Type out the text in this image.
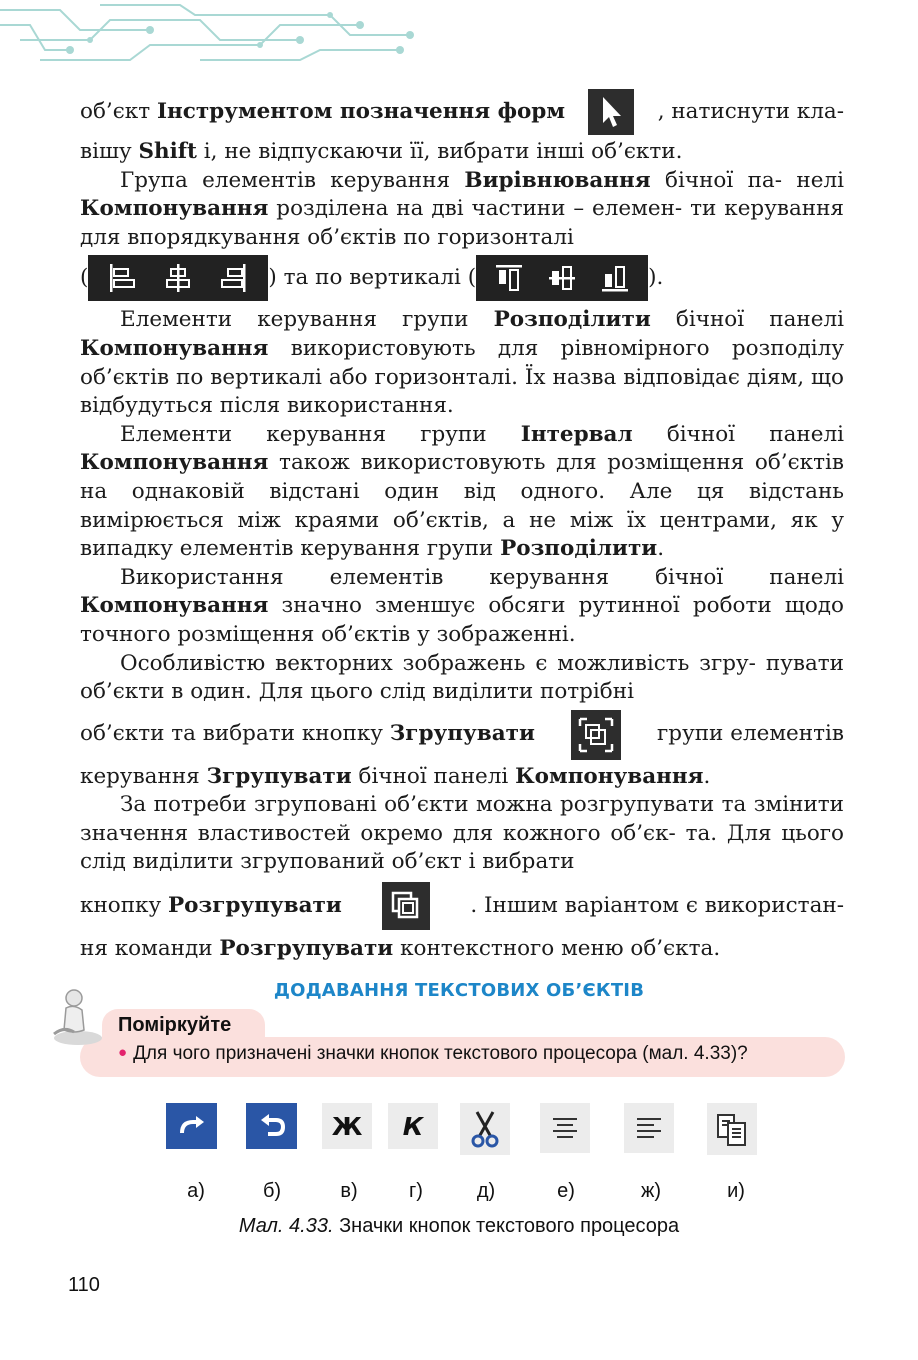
об’єкт Інструментом позначення форм	, натиснути кла-

вішу Shift і, не відпускаючи її, вибрати інші об’єкти.

Група елементів керування Вирівнювання бічної па- нелі Компонування розділена на дві частини – елемен- ти керування для впорядкування об’єктів по горизонталі

(	) та по вертикалі (	).

Елементи керування групи Розподілити бічної панелі Компонування використовують для рівномірного розподілу об’єктів по вертикалі або горизонталі. Їх назва відповідає діям, що відбудуться після використання.

Елементи керування групи Інтервал бічної панелі Компонування також використовують для розміщення об’єктів на однаковій відстані один від одного. Але ця відстань вимірюється між краями об’єктів, а не між їх центрами, як у випадку елементів керування групи Розподілити.

Використання елементів керування бічної панелі Компонування значно зменшує обсяги рутинної роботи щодо точного розміщення об’єктів у зображенні.

Особливістю векторних зображень є можливість згру- пувати об’єкти в один. Для цього слід виділити потрібні

об’єкти та вибрати кнопку Згрупувати	групи елементів

керування Згрупувати бічної панелі Компонування.

За потреби згруповані об’єкти можна розгрупувати та змінити значення властивостей окремо для кожного об’єк- та. Для цього слід виділити згрупований об’єкт і вибрати

кнопку Розгрупувати	. Іншим варіантом є використан-

ня команди Розгрупувати контекстного меню об’єкта.

ДОДАВАННЯ ТЕКСТОВИХ ОБ’ЄКТІВ
Поміркуйте
● Для чого призначені значки кнопок текстового процесора (мал. 4.33)?
Ж К
а)	б)	в)	г)	д)	е)	ж)	и)
Мал. 4.33. Значки кнопок текстового процесора
110
